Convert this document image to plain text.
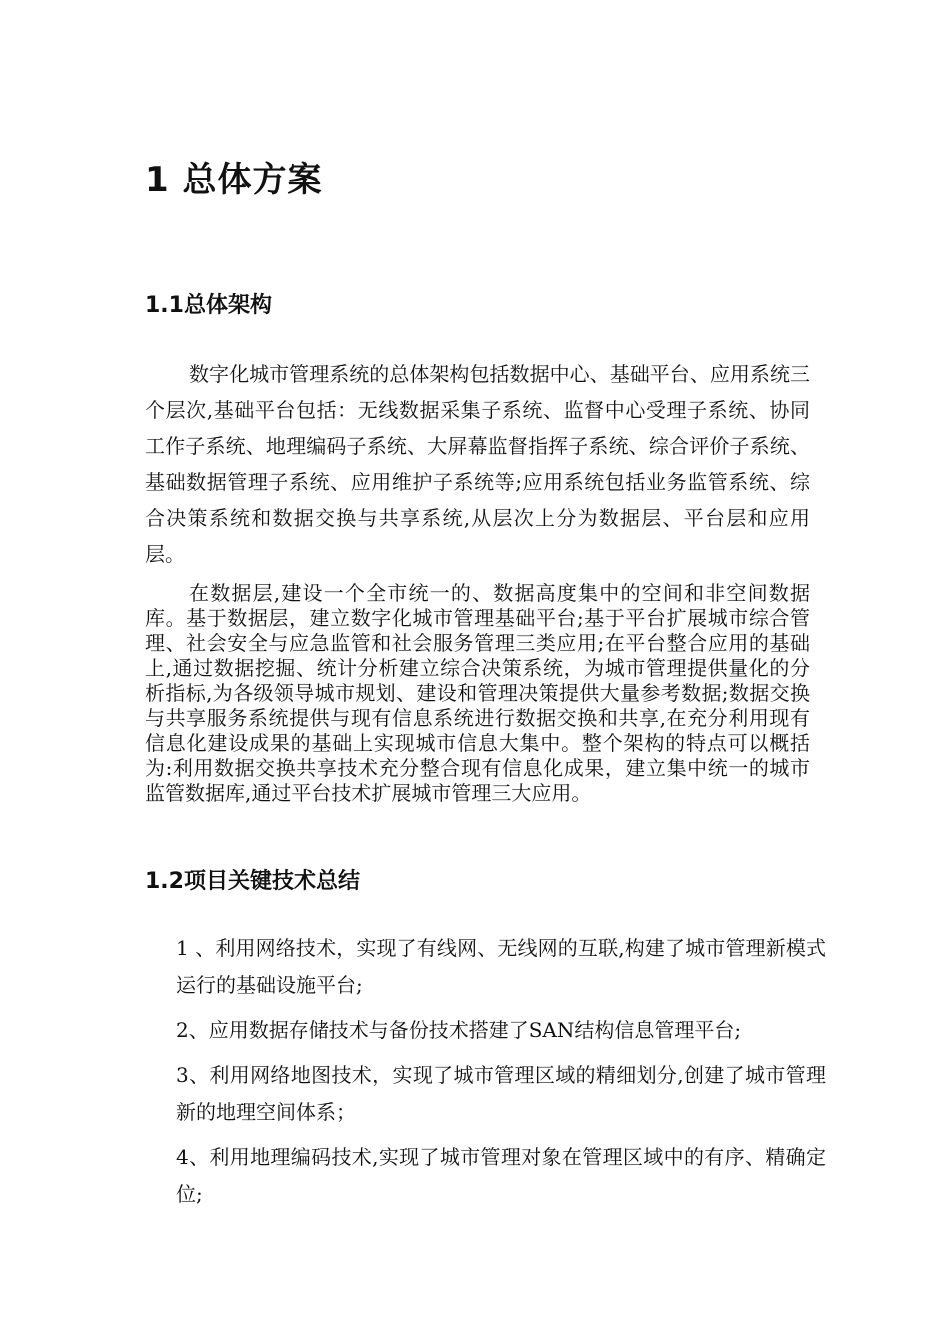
1 总体方案
1.1总体架构

数字化城市管理系统的总体架构包括数据中心、基础平台、应用系统三个层次,基础平台包括：无线数据采集子系统、监督中心受理子系统、协同工作子系统、地理编码子系统、大屏幕监督指挥子系统、综合评价子系统、基础数据管理子系统、应用维护子系统等;应用系统包括业务监管系统、综合决策系统和数据交换与共享系统,从层次上分为数据层、平台层和应用层。

在数据层,建设一个全市统一的、数据高度集中的空间和非空间数据库。基于数据层，建立数字化城市管理基础平台;基于平台扩展城市综合管理、社会安全与应急监管和社会服务管理三类应用;在平台整合应用的基础上,通过数据挖掘、统计分析建立综合决策系统，为城市管理提供量化的分析指标,为各级领导城市规划、建设和管理决策提供大量参考数据;数据交换与共享服务系统提供与现有信息系统进行数据交换和共享,在充分利用现有信息化建设成果的基础上实现城市信息大集中。整个架构的特点可以概括为:利用数据交换共享技术充分整合现有信息化成果，建立集中统一的城市监管数据库,通过平台技术扩展城市管理三大应用。

1.2项目关键技术总结
1 、利用网络技术，实现了有线网、无线网的互联,构建了城市管理新模式运行的基础设施平台;
2、应用数据存储技术与备份技术搭建了SAN结构信息管理平台;
3、利用网络地图技术，实现了城市管理区域的精细划分,创建了城市管理新的地理空间体系；
4、利用地理编码技术,实现了城市管理对象在管理区域中的有序、精确定位;
